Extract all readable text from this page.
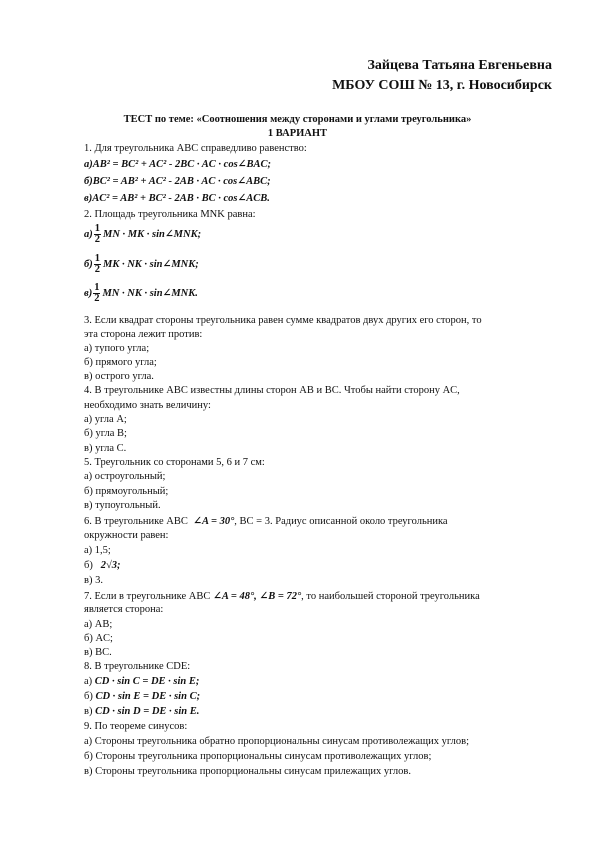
Зайцева Татьяна Евгеньевна
МБОУ СОШ № 13, г. Новосибирск
ТЕСТ по теме: «Соотношения между сторонами и углами треугольника»
1 ВАРИАНТ
1. Для треугольника ABC справедливо равенство:
а)AB² = BC² + AC² - 2BC · AC · cos∠BAC;
б)BC² = AB² + AC² - 2AB · AC · cos∠ABC;
в)AC² = AB² + BC² - 2AB · BC · cos∠ACB.
2. Площадь треугольника MNK равна:
$а) \frac{1}{2}$ MN · MK · sin∠MNK;
$б) \frac{1}{2}$ MK · NK · sin∠MNK;
$в) \frac{1}{2}$ MN · NK · sin∠MNK.
3. Если квадрат стороны треугольника равен сумме квадратов двух других его сторон, то
эта сторона лежит против:
а) тупого угла;
б) прямого угла;
в) острого угла.
4. В треугольнике ABC известны длины сторон AB и BC. Чтобы найти сторону AC,
необходимо знать величину:
а) угла A;
б) угла B;
в) угла C.
5. Треугольник со сторонами 5, 6 и 7 см:
а) остроугольный;
б) прямоугольный;
в) тупоугольный.
6. В треугольнике ABC ∠A = 30°, BC = 3. Радиус описанной около треугольника
окружности равен:
а) 1,5;
б) 2√3;
в) 3.
7. Если в треугольнике ABC ∠A = 48°, ∠B = 72°, то наибольшей стороной треугольника
является сторона:
а) AB;
б) AC;
в) BC.
8. В треугольнике CDE:
а) CD · sin C = DE · sin E;
б) CD · sin E = DE · sin C;
в) CD · sin D = DE · sin E.
9. По теореме синусов:
а) Стороны треугольника обратно пропорциональны синусам противолежащих углов;
б) Стороны треугольника пропорциональны синусам противолежащих углов;
в) Стороны треугольника пропорциональны синусам прилежащих углов.
